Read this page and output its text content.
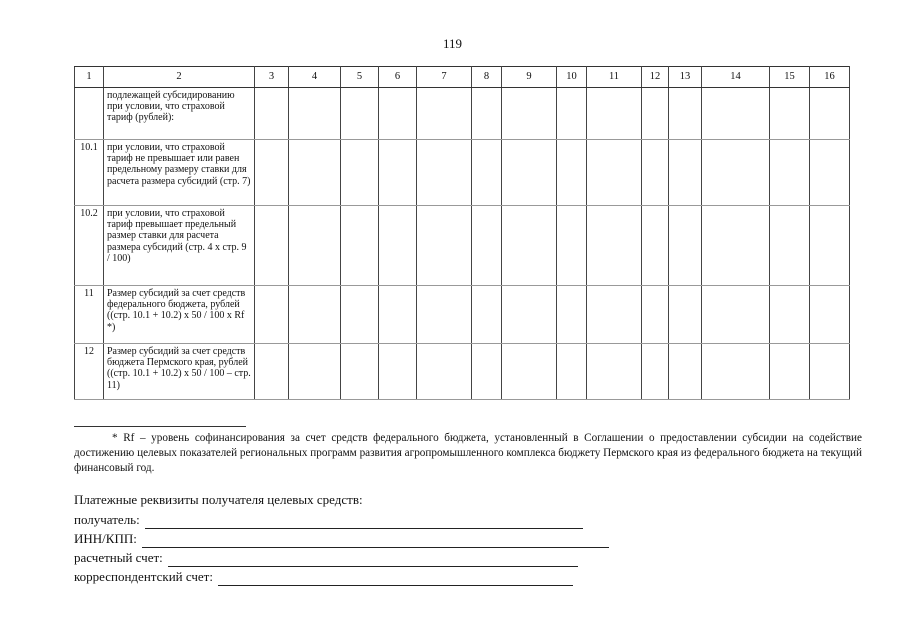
119
1	2	3	4	5	6	7	8	9	10	11	12	13	14	15	16
	подлежащей субсидированию при условии, что страховой тариф (рублей):														
10.1	при условии, что страховой тариф не превышает или равен предельному размеру ставки для расчета размера субсидий (стр. 7)														
10.2	при условии, что страховой тариф превышает предельный размер ставки для расчета размера субсидий (стр. 4 x стр. 9 / 100)														
11	Размер субсидий за счет средств федерального бюджета, рублей ((стр. 10.1 + 10.2) x 50 / 100 x Rf *)														
12	Размер субсидий за счет средств бюджета Пермского края, рублей ((стр. 10.1 + 10.2) x 50 / 100 – стр. 11)														
* Rf – уровень софинансирования за счет средств федерального бюджета, установленный в Соглашении о предоставлении субсидии на содействие достижению целевых показателей региональных программ развития агропромышленного комплекса бюджету Пермского края из федерального бюджета на текущий финансовый год.
Платежные реквизиты получателя целевых средств:
получатель:
ИНН/КПП:
расчетный счет:
корреспондентский счет:
